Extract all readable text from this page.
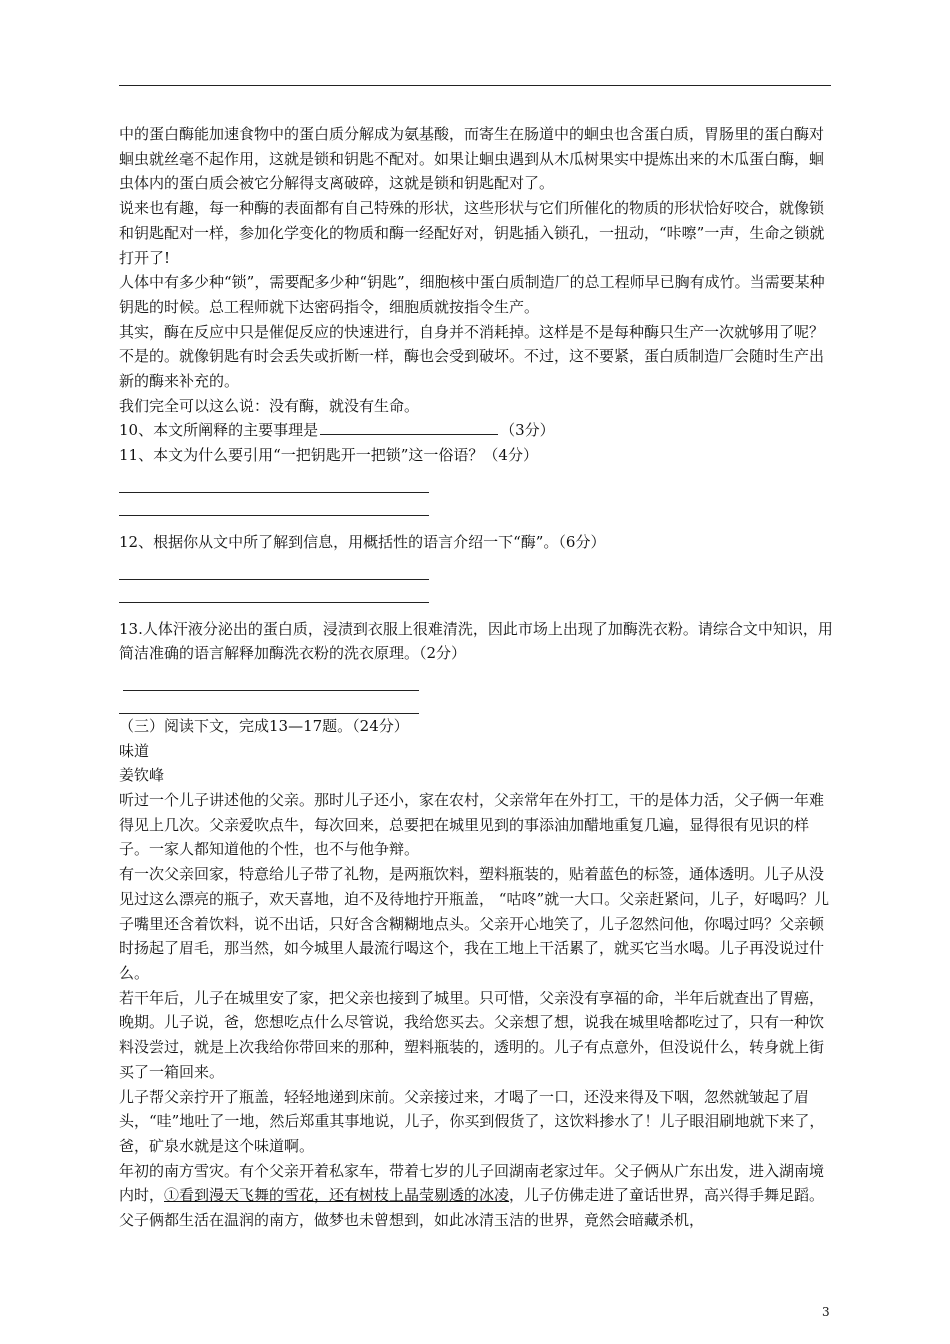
中的蛋白酶能加速食物中的蛋白质分解成为氨基酸，而寄生在肠道中的蛔虫也含蛋白质，胃肠里的蛋白酶对蛔虫就丝毫不起作用，这就是锁和钥匙不配对。如果让蛔虫遇到从木瓜树果实中提炼出来的木瓜蛋白酶，蛔虫体内的蛋白质会被它分解得支离破碎，这就是锁和钥匙配对了。

说来也有趣，每一种酶的表面都有自己特殊的形状，这些形状与它们所催化的物质的形状恰好咬合，就像锁和钥匙配对一样，参加化学变化的物质和酶一经配好对，钥匙插入锁孔，一扭动，“咔嚓”一声，生命之锁就打开了!

人体中有多少种“锁”，需要配多少种“钥匙”，细胞核中蛋白质制造厂的总工程师早已胸有成竹。当需要某种钥匙的时候。总工程师就下达密码指令，细胞质就按指令生产。

其实，酶在反应中只是催促反应的快速进行，自身并不消耗掉。这样是不是每种酶只生产一次就够用了呢？不是的。就像钥匙有时会丢失或折断一样，酶也会受到破坏。不过，这不要紧，蛋白质制造厂会随时生产出新的酶来补充的。

我们完全可以这么说：没有酶，就没有生命。

10、本文所阐释的主要事理是	（3分）

11、本文为什么要引用“一把钥匙开一把锁”这一俗语？（4分）

12、根据你从文中所了解到信息，用概括性的语言介绍一下“酶”。（6分）

13.人体汗液分泌出的蛋白质，浸渍到衣服上很难清洗，因此市场上出现了加酶洗衣粉。请综合文中知识，用简洁准确的语言解释加酶洗衣粉的洗衣原理。（2分）

（三）阅读下文，完成13—17题。（24分）

味道

姜钦峰

听过一个儿子讲述他的父亲。那时儿子还小，家在农村，父亲常年在外打工，干的是体力活，父子俩一年难得见上几次。父亲爱吹点牛，每次回来，总要把在城里见到的事添油加醋地重复几遍，显得很有见识的样子。一家人都知道他的个性，也不与他争辩。

有一次父亲回家，特意给儿子带了礼物，是两瓶饮料，塑料瓶装的，贴着蓝色的标签，通体透明。儿子从没见过这么漂亮的瓶子，欢天喜地，迫不及待地拧开瓶盖， “咕咚”就一大口。父亲赶紧问，儿子，好喝吗？儿子嘴里还含着饮料，说不出话，只好含含糊糊地点头。父亲开心地笑了，儿子忽然问他，你喝过吗？父亲顿时扬起了眉毛，那当然，如今城里人最流行喝这个，我在工地上干活累了，就买它当水喝。儿子再没说过什么。

若干年后，儿子在城里安了家，把父亲也接到了城里。只可惜，父亲没有享福的命，半年后就查出了胃癌，晚期。儿子说，爸，您想吃点什么尽管说，我给您买去。父亲想了想，说我在城里啥都吃过了，只有一种饮料没尝过，就是上次我给你带回来的那种，塑料瓶装的，透明的。儿子有点意外，但没说什么，转身就上街买了一箱回来。

儿子帮父亲拧开了瓶盖，轻轻地递到床前。父亲接过来，才喝了一口，还没来得及下咽，忽然就皱起了眉头，“哇”地吐了一地，然后郑重其事地说，儿子，你买到假货了，这饮料掺水了！儿子眼泪刷地就下来了，爸，矿泉水就是这个味道啊。

年初的南方雪灾。有个父亲开着私家车，带着七岁的儿子回湖南老家过年。父子俩从广东出发，进入湖南境内时，①看到漫天飞舞的雪花，还有树枝上晶莹剔透的冰凌，儿子仿佛走进了童话世界，高兴得手舞足蹈。父子俩都生活在温润的南方，做梦也未曾想到，如此冰清玉洁的世界，竟然会暗藏杀机，

3
